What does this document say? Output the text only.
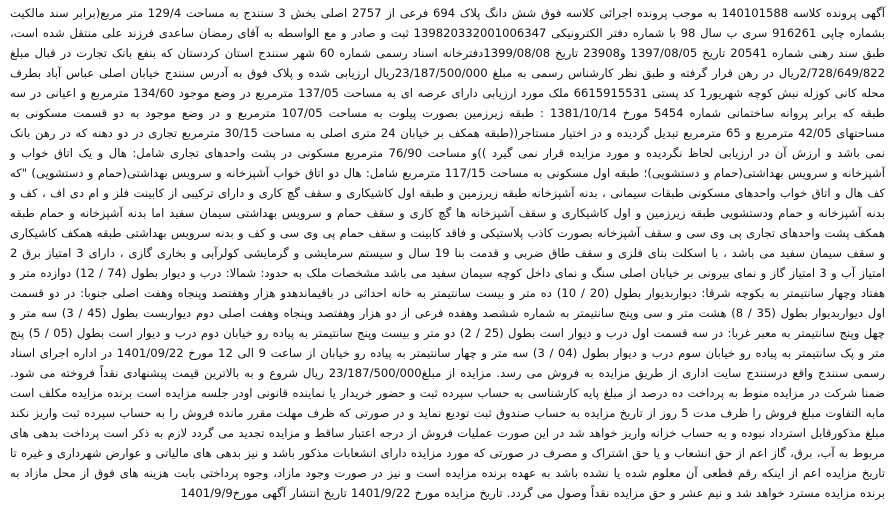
آگهی پرونده کلاسه 140101588 به موجب پرونده اجرائی کلاسه فوق شش دانگ پلاک 694 فرعی از 2757 اصلی بخش 3 سنندج به مساحت 129/4 متر مربع(برابر سند مالکیت بشماره چاپی 916261 سری ب سال 98 با شماره دفتر الکترونیکی 139820332001006347 ثبت و صادر و مع الواسطه به آقای رمضان ساعدی فرزند علی منتقل شده است، طبق سند رهنی شماره 20541 تاریخ 1397/08/05 و23908 تاریخ 1399/08/08دفترخانه اسناد رسمی شماره 60 شهر سنندج استان کردستان که بنفع بانک تجارت در قبال مبلغ 2/728/649/822ریال در رهن قرار گرفته و طبق نظر کارشناس رسمی به مبلغ 23/187/500/000ریال ارزیابی شده و پلاک فوق به آدرس سنندج خیابان اصلی عباس آباد بطرف محله کانی کوزله نبش کوچه شهریور1 کد پستی 6615915531 ملک مورد ارزیابی دارای عرصه ای به مساحت 137/05 مترمربع در وضع موجود 134/60 مترمربع و اعیانی در سه طبقه که برابر پروانه ساختمانی شماره 5454 مورخ 1381/10/14 : طبقه زیرزمین بصورت پیلوت به مساحت 107/05 مترمربع و در وضع موجود به دو قسمت مسکونی به مساحتهای 42/05 مترمربع و 65 مترمربع تبدیل گردیده و در اختیار مستاجر((طبقه همکف بر خیابان 24 متری اصلی به مساحت 30/15 مترمربع تجاری در دو دهنه که در رهن بانک نمی باشد و ارزش آن در ارزیابی لحاظ نگردیده و مورد مزایده قرار نمی گیرد ))و مساحت 76/90 مترمربع مسکونی در پشت واحدهای تجاری شامل: هال و یک اتاق خواب و آشپزخانه و سرویس بهداشتی(حمام و دستشویی)؛ طبقه اول مسکونی به مساحت 117/15 مترمربع شامل: هال دو اتاق خواب آشپزخانه و سرویس بهداشتی(حمام و دستشویی) "که کف هال و اتاق خواب واحدهای مسکونی طبقات سیمانی ، بدنه آشپزخانه طبقه زیرزمین و طبقه اول کاشیکاری و سقف گچ کاری و دارای ترکیبی از کابینت فلز و ام دی اف ، کف و بدنه آشپزخانه و حمام ودستشویی طبقه زیرزمین و اول کاشیکاری و سقف آشپزخانه ها گچ کاری و سقف حمام و سرویس بهداشتی سیمان سفید اما بدنه آشپزخانه و حمام طبقه همکف پشت واحدهای تجاری پی وی سی و سقف آشپزخانه بصورت کاذب پلاستیکی و فاقد کابینت و سقف حمام پی وی سی و کف و بدنه سرویس بهداشتی طبقه همکف کاشیکاری و سقف سیمان سفید می باشد ، با اسکلت بنای فلزی و سقف طاق ضربی و قدمت بنا 19 سال و سیستم سرمایشی و گرمایشی کولرآبی و بخاری گازی ، دارای 3 امتیاز برق 2 امتیاز آب و 3 امتیاز گاز و نمای بیرونی بر خیابان اصلی سنگ و نمای داخل کوچه سیمان سفید می باشد مشخصات ملک به حدود: شمالا: درب و دیوار بطول (74 / 12) دوازده متر و هفتاد وچهار سانتیمتر به بکوچه شرقا: دیواربدیوار بطول (20 / 10) ده متر و بیست سانتیمتر به خانه احداثی در باقیماندهدو هزار وهفتصد وپنجاه وهفت اصلی جنوبا: در دو قسمت اول دیواربدیوار بطول (35 / 8) هشت متر و سی وپنج سانتیمتر به شماره ششصد وهفده فرعی از دو هزار وهفتصد وپنجاه وهفت اصلی دوم دیواربست بطول (45 / 3) سه متر و چهل وپنج سانتیمتر به معبر غربا: در سه قسمت اول درب و دیوار است بطول (25 / 2) دو متر و بیست وپنج سانتیمتر به پیاده رو خیابان دوم درب و دیوار است بطول (05 / 5) پنج متر و پک سانتیمتر به پیاده رو خیابان سوم درب و دیوار بطول (04 / 3) سه متر و چهار سانتیمتر به پیاده رو خیابان از ساعت 9 الی 12 مورخ 1401/09/22 در اداره اجرای اسناد رسمی سنندج واقع درسنندج سایت اداری از طریق مزایده به فروش می رسد. مزایده از مبلغ23/187/500/000 ریال شروع و به بالاترین قیمت پیشنهادی نقداً فروخته می شود. ضمنا شرکت در مزایده منوط به پرداخت ده درصد از مبلغ پایه کارشناسی به حساب سپرده ثبت و حضور خریدار یا نماینده قانونی اودر جلسه مزایده است برنده مزایده مکلف است مابه التفاوت مبلغ فروش را ظرف مدت 5 روز از تاریخ مزایده به حساب صندوق ثبت تودیع نماید و در صورتی که ظرف مهلت مقرر مانده فروش را به حساب سپرده ثبت واریز نکند مبلغ مذکورقابل استرداد نبوده و به حساب خزانه واریز خواهد شد در این صورت عملیات فروش از درجه اعتبار ساقط و مزایده تجدید می گردد لازم به ذکر است پرداخت بدهی های مربوط به آب، برق، گاز اعم از حق انشعاب و یا حق اشتراک و مصرف در صورتی که مورد مزایده دارای انشعابات مذکور باشد و نیز بدهی های مالیاتی و عوارض شهرداری و غیره تا تاریخ مزایده اعم از اینکه رقم قطعی آن معلوم شده یا نشده باشد به عهده برنده مزایده است و نیز در صورت وجود مازاد، وجوه پرداختی بابت هزینه های فوق از محل مازاد به برنده مزایده مسترد خواهد شد و نیم عشر و حق مزایده نقداً وصول می گردد. تاریخ مزایده مورخ 1401/9/22 تاریخ انتشار آگهی مورخ1401/9/9
